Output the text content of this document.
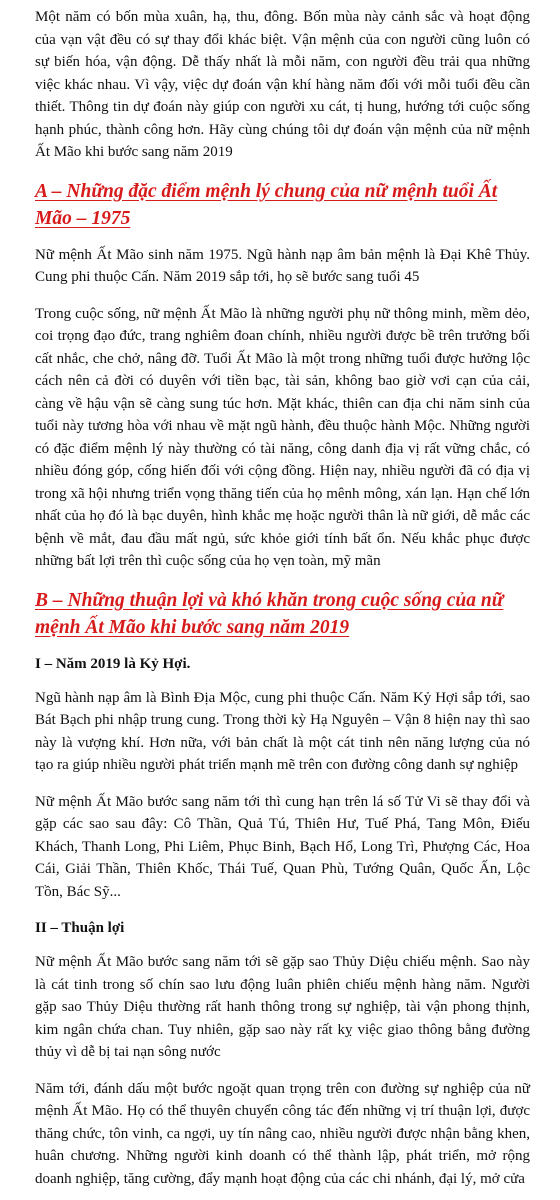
Một năm có bốn mùa xuân, hạ, thu, đông. Bốn mùa này cảnh sắc và hoạt động của vạn vật đều có sự thay đổi khác biệt. Vận mệnh của con người cũng luôn có sự biến hóa, vận động. Dễ thấy nhất là mỗi năm, con người đều trải qua những việc khác nhau. Vì vậy, việc dự đoán vận khí hàng năm đối với mỗi tuổi đều cần thiết. Thông tin dự đoán này giúp con người xu cát, tị hung, hướng tới cuộc sống hạnh phúc, thành công hơn. Hãy cùng chúng tôi dự đoán vận mệnh của nữ mệnh Ất Mão khi bước sang năm 2019

A – Những đặc điểm mệnh lý chung của nữ mệnh tuổi Ất Mão – 1975

Nữ mệnh Ất Mão sinh năm 1975. Ngũ hành nạp âm bản mệnh là Đại Khê Thủy. Cung phi thuộc Cấn. Năm 2019 sắp tới, họ sẽ bước sang tuổi 45

Trong cuộc sống, nữ mệnh Ất Mão là những người phụ nữ thông minh, mềm dẻo, coi trọng đạo đức, trang nghiêm đoan chính, nhiều người được bề trên trưởng bối cất nhắc, che chở, nâng đỡ. Tuổi Ất Mão là một trong những tuổi được hưởng lộc cách nên cả đời có duyên với tiền bạc, tài sản, không bao giờ vơi cạn của cải, càng về hậu vận sẽ càng sung túc hơn. Mặt khác, thiên can địa chi năm sinh của tuổi này tương hòa với nhau về mặt ngũ hành, đều thuộc hành Mộc. Những người có đặc điểm mệnh lý này thường có tài năng, công danh địa vị rất vững chắc, có nhiều đóng góp, cống hiến đối với cộng đồng. Hiện nay, nhiều người đã có địa vị trong xã hội nhưng triển vọng thăng tiến của họ mênh mông, xán lạn. Hạn chế lớn nhất của họ đó là bạc duyên, hình khắc mẹ hoặc người thân là nữ giới, dễ mắc các bệnh về mắt, đau đầu mất ngủ, sức khỏe giới tính bất ổn. Nếu khắc phục được những bất lợi trên thì cuộc sống của họ vẹn toàn, mỹ mãn

B – Những thuận lợi và khó khăn trong cuộc sống của nữ mệnh Ất Mão khi bước sang năm 2019
I – Năm 2019 là Kỷ Hợi.

Ngũ hành nạp âm là Bình Địa Mộc, cung phi thuộc Cấn. Năm Kỷ Hợi sắp tới, sao Bát Bạch phi nhập trung cung. Trong thời kỳ Hạ Nguyên – Vận 8 hiện nay thì sao này là vượng khí. Hơn nữa, với bản chất là một cát tinh nên năng lượng của nó tạo ra giúp nhiều người phát triển mạnh mẽ trên con đường công danh sự nghiệp

Nữ mệnh Ất Mão bước sang năm tới thì cung hạn trên lá số Tử Vi sẽ thay đổi và gặp các sao sau đây: Cô Thần, Quả Tú, Thiên Hư, Tuế Phá, Tang Môn, Điếu Khách, Thanh Long, Phi Liêm, Phục Binh, Bạch Hổ, Long Trì, Phượng Các, Hoa Cái, Giải Thần, Thiên Khốc, Thái Tuế, Quan Phù, Tướng Quân, Quốc Ấn, Lộc Tồn, Bác Sỹ...

II – Thuận lợi

Nữ mệnh Ất Mão bước sang năm tới sẽ gặp sao Thủy Diệu chiếu mệnh. Sao này là cát tinh trong số chín sao lưu động luân phiên chiếu mệnh hàng năm. Người gặp sao Thủy Diệu thường rất hanh thông trong sự nghiệp, tài vận phong thịnh, kim ngân chứa chan. Tuy nhiên, gặp sao này rất kỵ việc giao thông bằng đường thủy vì dễ bị tai nạn sông nước

Năm tới, đánh dấu một bước ngoặt quan trọng trên con đường sự nghiệp của nữ mệnh Ất Mão. Họ có thể thuyên chuyển công tác đến những vị trí thuận lợi, được thăng chức, tôn vinh, ca ngợi, uy tín nâng cao, nhiều người được nhận bằng khen, huân chương. Những người kinh doanh có thể thành lập, phát triển, mở rộng doanh nghiệp, tăng cường, đẩy mạnh hoạt động của các chi nhánh, đại lý, mở cửa
